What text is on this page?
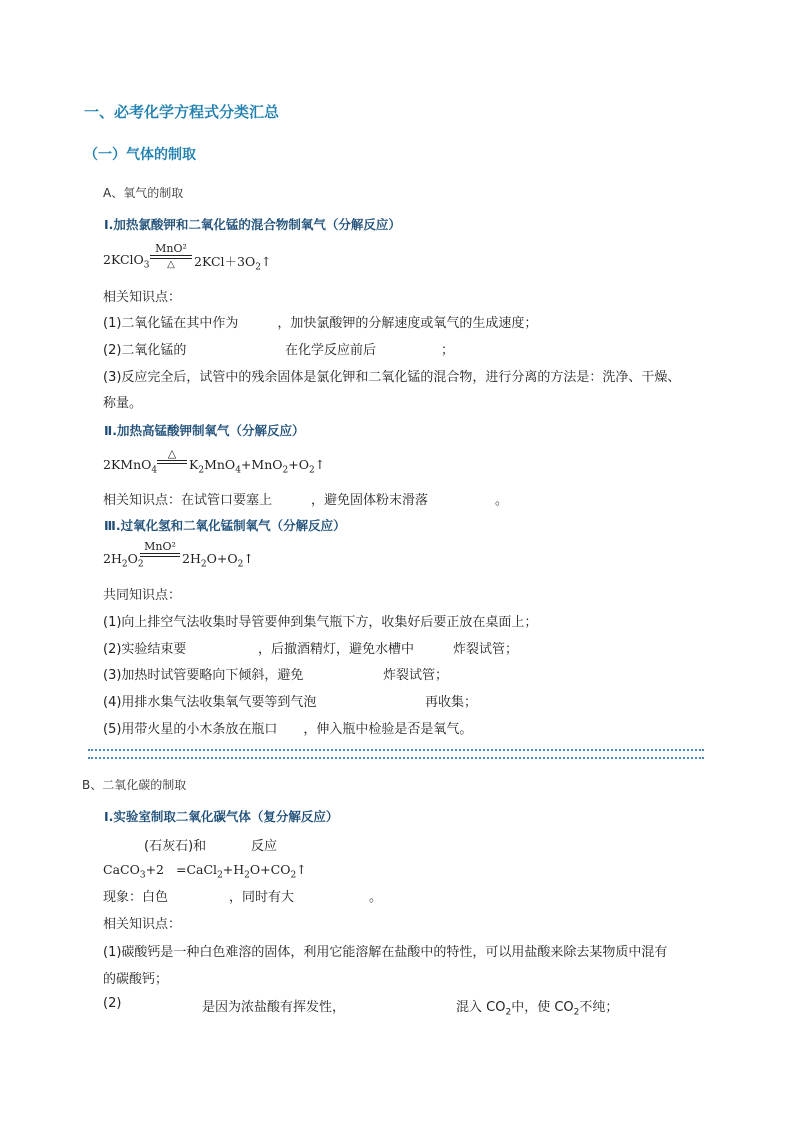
一、必考化学方程式分类汇总
（一）气体的制取
A、氧气的制取
Ⅰ.加热氯酸钾和二氧化锰的混合物制氧气（分解反应）
2KClO$_3$
MnO²
△	$2KCl+3O_2↑$
相关知识点：
(1)二氧化锰在其中作为　　　，加快氯酸钾的分解速度或氧气的生成速度；
(2)二氧化锰的	在化学反应前后	；
(3)反应完全后，试管中的残余固体是氯化钾和二氧化锰的混合物，进行分离的方法是：洗净、干燥、
称量。
Ⅱ.加热高锰酸钾制氧气（分解反应）
2KMnO$_4$
△
$K_2MnO_4+MnO_2+O_2↑$
相关知识点：在试管口要塞上	，避免固体粉末滑落	。
Ⅲ.过氧化氢和二氧化锰制氧气（分解反应）
$2H_2O_2$
MnO²
$2H_2O+O_2↑$
共同知识点：
(1)向上排空气法收集时导管要伸到集气瓶下方，收集好后要正放在桌面上；
(2)实验结束要	，后撤酒精灯，避免水槽中	炸裂试管；
(3)加热时试管要略向下倾斜，避免	炸裂试管；
(4)用排水集气法收集氧气要等到气泡	再收集；
(5)用带火星的小木条放在瓶口　　，伸入瓶中检验是否是氧气。
B、二氧化碳的制取
Ⅰ.实验室制取二氧化碳气体（复分解反应）
(石灰石)和	反应
CaCO$_3$+2 $=CaCl_2+H_2O+CO_2↑$
现象：白色	，同时有大	。
相关知识点：
(1)碳酸钙是一种白色难溶的固体，利用它能溶解在盐酸中的特性，可以用盐酸来除去某物质中混有
的碳酸钙；
(2)	是因为浓盐酸有挥发性，	混入 $CO_2$中，使 $CO_2$不纯；
